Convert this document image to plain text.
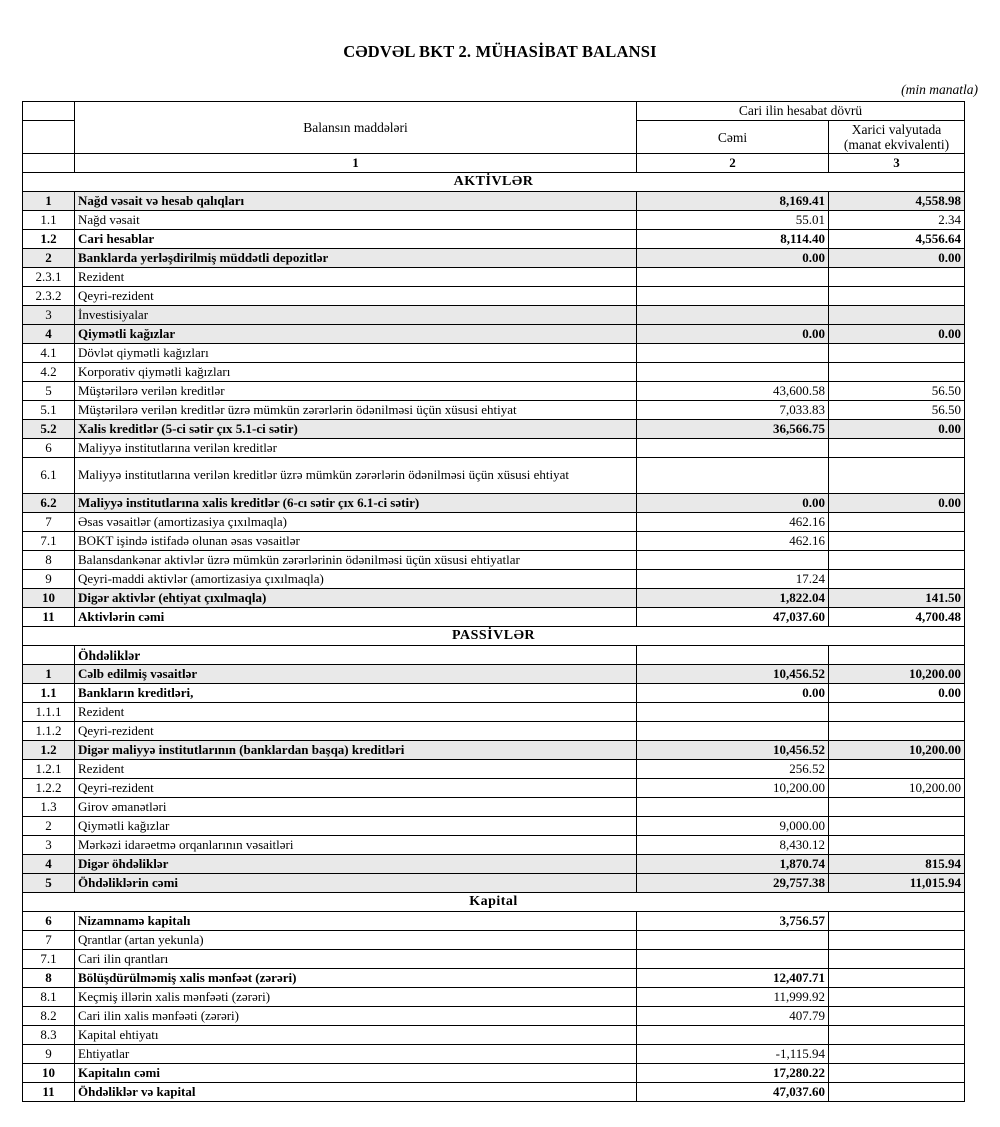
CƏDVƏL BKT 2. MÜHASİBAT BALANSI
(min manatla)
	Balansın maddələri	Cari ilin hesabat dövrü	
		Cəmi	Xarici valyutada (manat ekvivalenti)
	1	2	3
AKTİVLƏR			
1	Nağd vəsait və hesab qalıqları	8,169.41	4,558.98
1.1	Nağd vəsait	55.01	2.34
1.2	Cari hesablar	8,114.40	4,556.64
2	Banklarda yerləşdirilmiş müddətli depozitlər	0.00	0.00
2.3.1	Rezident		
2.3.2	Qeyri-rezident		
3	İnvestisiyalar		
4	Qiymətli kağızlar	0.00	0.00
4.1	Dövlət qiymətli kağızları		
4.2	Korporativ qiymətli kağızları		
5	Müştərilərə verilən kreditlər	43,600.58	56.50
5.1	Müştərilərə verilən kreditlər üzrə mümkün zərərlərin ödənilməsi üçün xüsusi ehtiyat	7,033.83	56.50
5.2	Xalis kreditlər (5-ci sətir çıx 5.1-ci sətir)	36,566.75	0.00
6	Maliyyə institutlarına verilən kreditlər		
6.1	Maliyyə institutlarına verilən kreditlər üzrə mümkün zərərlərin ödənilməsi üçün xüsusi ehtiyat		
6.2	Maliyyə institutlarına xalis kreditlər (6-cı sətir çıx 6.1-ci sətir)	0.00	0.00
7	Əsas vəsaitlər (amortizasiya çıxılmaqla)	462.16	
7.1	BOKT işində istifadə olunan əsas vəsaitlər	462.16	
8	Balansdankənar aktivlər üzrə mümkün zərərlərinin ödənilməsi üçün xüsusi ehtiyatlar		
9	Qeyri-maddi aktivlər (amortizasiya çıxılmaqla)	17.24	
10	Digər aktivlər (ehtiyat çıxılmaqla)	1,822.04	141.50
11	Aktivlərin cəmi	47,037.60	4,700.48
PASSİVLƏR			
	Öhdəliklər		
1	Cəlb edilmiş vəsaitlər	10,456.52	10,200.00
1.1	Bankların kreditləri,	0.00	0.00
1.1.1	Rezident		
1.1.2	Qeyri-rezident		
1.2	Digər maliyyə institutlarının (banklardan başqa) kreditləri	10,456.52	10,200.00
1.2.1	Rezident	256.52	
1.2.2	Qeyri-rezident	10,200.00	10,200.00
1.3	Girov əmanətləri		
2	Qiymətli kağızlar	9,000.00	
3	Mərkəzi idarəetmə orqanlarının vəsaitləri	8,430.12	
4	Digər öhdəliklər	1,870.74	815.94
5	Öhdəliklərin cəmi	29,757.38	11,015.94
Kapital			
6	Nizamnamə kapitalı	3,756.57	
7	Qrantlar (artan yekunla)		
7.1	Cari ilin qrantları		
8	Bölüşdürülməmiş xalis mənfəət (zərəri)	12,407.71	
8.1	Keçmiş illərin xalis mənfəəti (zərəri)	11,999.92	
8.2	Cari ilin xalis mənfəəti (zərəri)	407.79	
8.3	Kapital ehtiyatı		
9	Ehtiyatlar	-1,115.94	
10	Kapitalın cəmi	17,280.22	
11	Öhdəliklər və kapital	47,037.60	
